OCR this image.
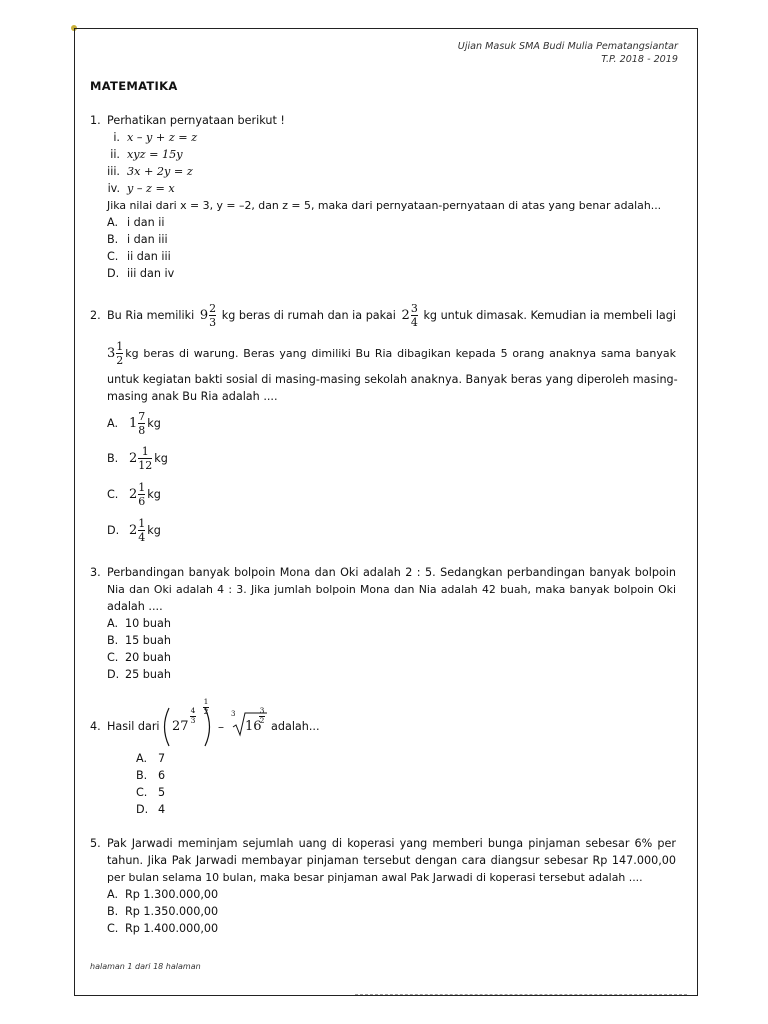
Ujian Masuk SMA Budi Mulia Pematangsiantar
T.P. 2018 - 2019
MATEMATIKA
1. Perhatikan pernyataan berikut !
i. x – y + z = z
ii. xyz = 15y
iii. 3x + 2y = z
iv. y – z = x
Jika nilai dari x = 3, y = –2, dan z = 5, maka dari pernyataan-pernyataan di atas yang benar adalah...
A. i dan ii
B. i dan iii
C. ii dan iii
D. iii dan iv
2. Bu Ria memiliki $9 \frac{2}{3}$ kg beras di rumah dan ia pakai $2 \frac{3}{4}$ kg untuk dimasak. Kemudian ia membeli lagi
$3 \frac{1}{2}$ kg beras di warung. Beras yang dimiliki Bu Ria dibagikan kepada 5 orang anaknya sama banyak
untuk kegiatan bakti sosial di masing-masing sekolah anaknya. Banyak beras yang diperoleh masing-
masing anak Bu Ria adalah ....
A. $1 \frac{7}{8}$ kg
B. $2 \frac{1}{12}$ kg
C. $2 \frac{1}{6}$ kg
D. $2 \frac{1}{4}$ kg
3. Perbandingan banyak bolpoin Mona dan Oki adalah 2 : 5. Sedangkan perbandingan banyak bolpoin
Nia dan Oki adalah 4 : 3. Jika jumlah bolpoin Mona dan Nia adalah 42 buah, maka banyak bolpoin Oki
adalah ....
A. 10 buah
B. 15 buah
C. 20 buah
D. 25 buah
4. Hasil dari 27
4
3
1
2
–
3
16
3
2 adalah...
A. 7
B. 6
C. 5
D. 4
5. Pak Jarwadi meminjam sejumlah uang di koperasi yang memberi bunga pinjaman sebesar 6% per
tahun. Jika Pak Jarwadi membayar pinjaman tersebut dengan cara diangsur sebesar Rp 147.000,00
per bulan selama 10 bulan, maka besar pinjaman awal Pak Jarwadi di koperasi tersebut adalah ....
A. Rp 1.300.000,00
B. Rp 1.350.000,00
C. Rp 1.400.000,00
halaman 1 dari 18 halaman
